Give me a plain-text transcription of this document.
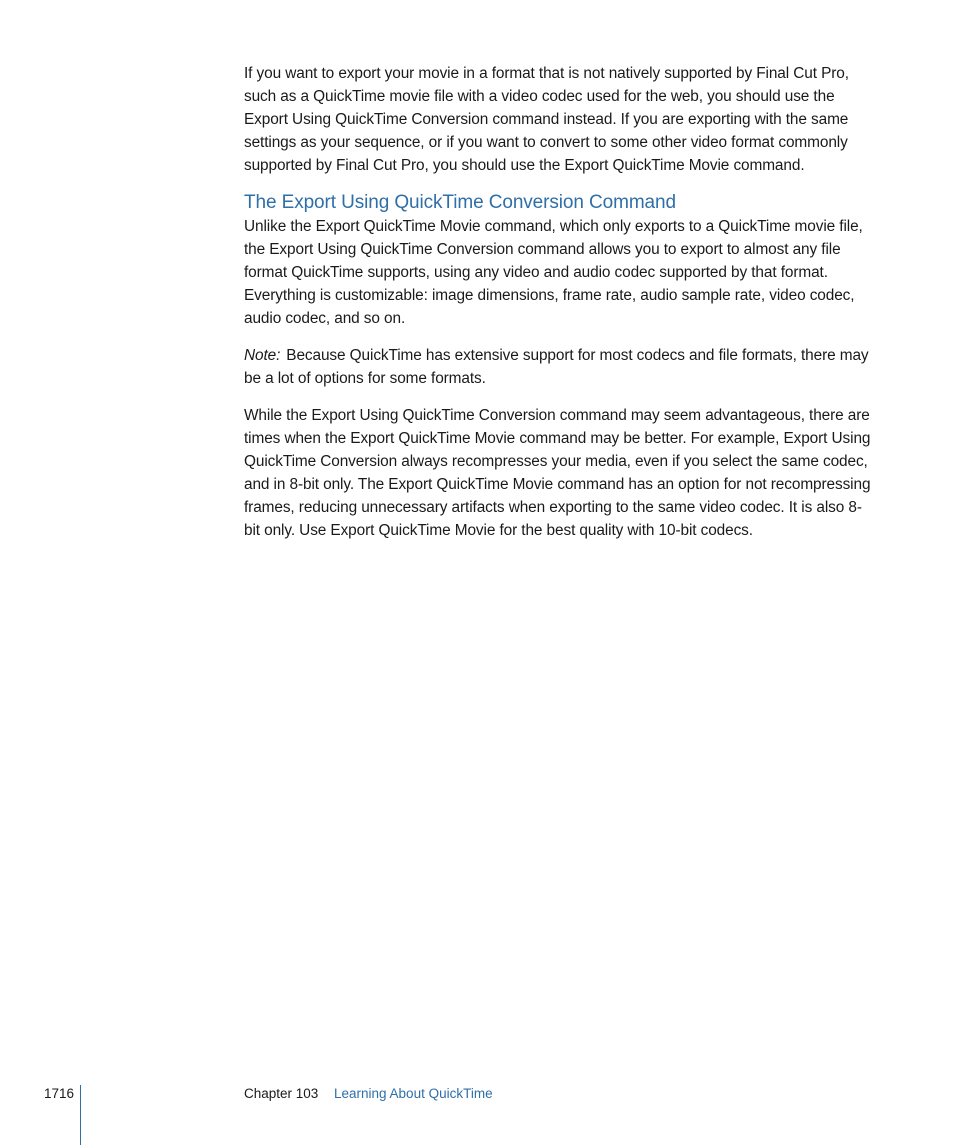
If you want to export your movie in a format that is not natively supported by Final Cut Pro, such as a QuickTime movie file with a video codec used for the web, you should use the Export Using QuickTime Conversion command instead. If you are exporting with the same settings as your sequence, or if you want to convert to some other video format commonly supported by Final Cut Pro, you should use the Export QuickTime Movie command.

The Export Using QuickTime Conversion Command

Unlike the Export QuickTime Movie command, which only exports to a QuickTime movie file, the Export Using QuickTime Conversion command allows you to export to almost any file format QuickTime supports, using any video and audio codec supported by that format. Everything is customizable: image dimensions, frame rate, audio sample rate, video codec, audio codec, and so on.

Note: Because QuickTime has extensive support for most codecs and file formats, there may be a lot of options for some formats.

While the Export Using QuickTime Conversion command may seem advantageous, there are times when the Export QuickTime Movie command may be better. For example, Export Using QuickTime Conversion always recompresses your media, even if you select the same codec, and in 8-bit only. The Export QuickTime Movie command has an option for not recompressing frames, reducing unnecessary artifacts when exporting to the same video codec. It is also 8-bit only. Use Export QuickTime Movie for the best quality with 10-bit codecs.

1716	Chapter 103 Learning About QuickTime
